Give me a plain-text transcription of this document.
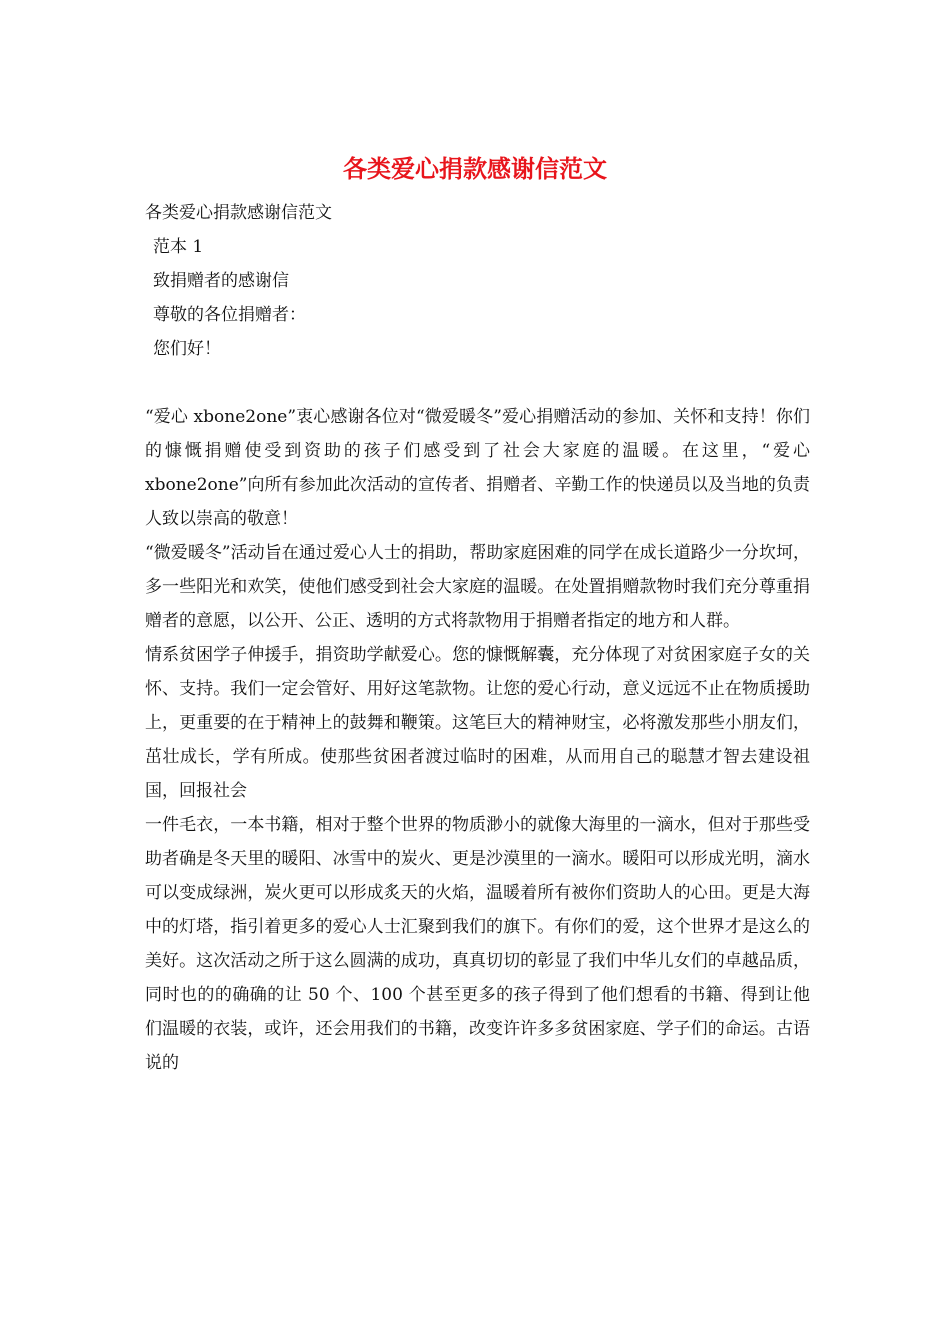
各类爱心捐款感谢信范文

各类爱心捐款感谢信范文

范本 1

致捐赠者的感谢信

尊敬的各位捐赠者：

您们好！

“爱心 xbone2one”衷心感谢各位对“微爱暖冬”爱心捐赠活动的参加、关怀和支持！你们的慷慨捐赠使受到资助的孩子们感受到了社会大家庭的温暖。在这里，“爱心 xbone2one”向所有参加此次活动的宣传者、捐赠者、辛勤工作的快递员以及当地的负责人致以崇高的敬意！

“微爱暖冬”活动旨在通过爱心人士的捐助，帮助家庭困难的同学在成长道路少一分坎坷，多一些阳光和欢笑，使他们感受到社会大家庭的温暖。在处置捐赠款物时我们充分尊重捐赠者的意愿，以公开、公正、透明的方式将款物用于捐赠者指定的地方和人群。

情系贫困学子伸援手，捐资助学献爱心。您的慷慨解囊，充分体现了对贫困家庭子女的关怀、支持。我们一定会管好、用好这笔款物。让您的爱心行动，意义远远不止在物质援助上，更重要的在于精神上的鼓舞和鞭策。这笔巨大的精神财宝，必将激发那些小朋友们，茁壮成长，学有所成。使那些贫困者渡过临时的困难，从而用自己的聪慧才智去建设祖国，回报社会

一件毛衣，一本书籍，相对于整个世界的物质渺小的就像大海里的一滴水，但对于那些受助者确是冬天里的暖阳、冰雪中的炭火、更是沙漠里的一滴水。暖阳可以形成光明，滴水可以变成绿洲，炭火更可以形成炙天的火焰，温暖着所有被你们资助人的心田。更是大海中的灯塔，指引着更多的爱心人士汇聚到我们的旗下。有你们的爱，这个世界才是这么的美好。这次活动之所于这么圆满的成功，真真切切的彰显了我们中华儿女们的卓越品质，同时也的的确确的让 50 个、100 个甚至更多的孩子得到了他们想看的书籍、得到让他们温暖的衣装，或许，还会用我们的书籍，改变许许多多贫困家庭、学子们的命运。古语说的
